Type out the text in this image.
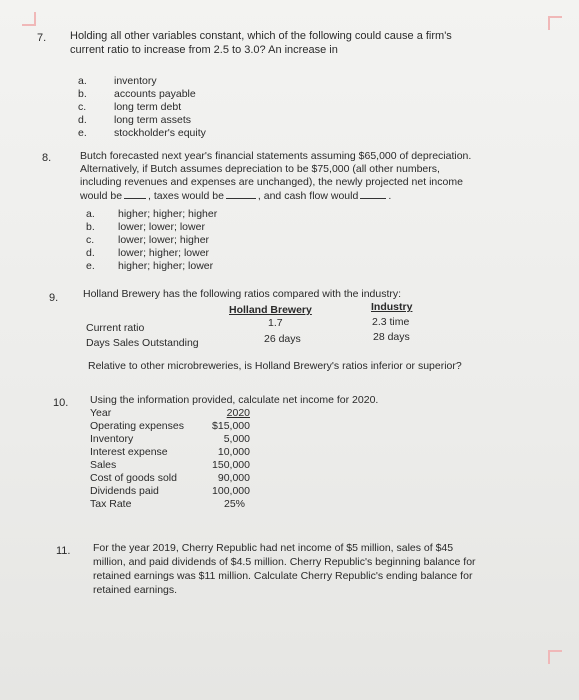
7. Holding all other variables constant, which of the following could cause a firm's
current ratio to increase from 2.5 to 3.0? An increase in
a.	inventory
b.	accounts payable
c.	long term debt
d.	long term assets
e.	stockholder's equity
8.	Butch forecasted next year's financial statements assuming $65,000 of depreciation.
Alternatively, if Butch assumes depreciation to be $75,000 (all other numbers,
including revenues and expenses are unchanged), the newly projected net income
would be , taxes would be	, and cash flow would	.
a. higher; higher; higher
b. lower; lower; lower
c. lower; lower; higher
d. lower; higher; lower
e. higher; higher; lower
9. Holland Brewery has the following ratios compared with the industry:
Holland Brewery	Industry
Current ratio	1.7	2.3 time
Days Sales Outstanding	26 days	28 days
Relative to other microbreweries, is Holland Brewery's ratios inferior or superior?
10. Using the information provided, calculate net income for 2020.
Year	2020
Operating expenses	$15,000
Inventory	5,000
Interest expense	10,000
Sales	150,000
Cost of goods sold	90,000
Dividends paid	100,000
Tax Rate	25%
11. For the year 2019, Cherry Republic had net income of $5 million, sales of $45
million, and paid dividends of $4.5 million. Cherry Republic's beginning balance for
retained earnings was $11 million. Calculate Cherry Republic's ending balance for
retained earnings.
